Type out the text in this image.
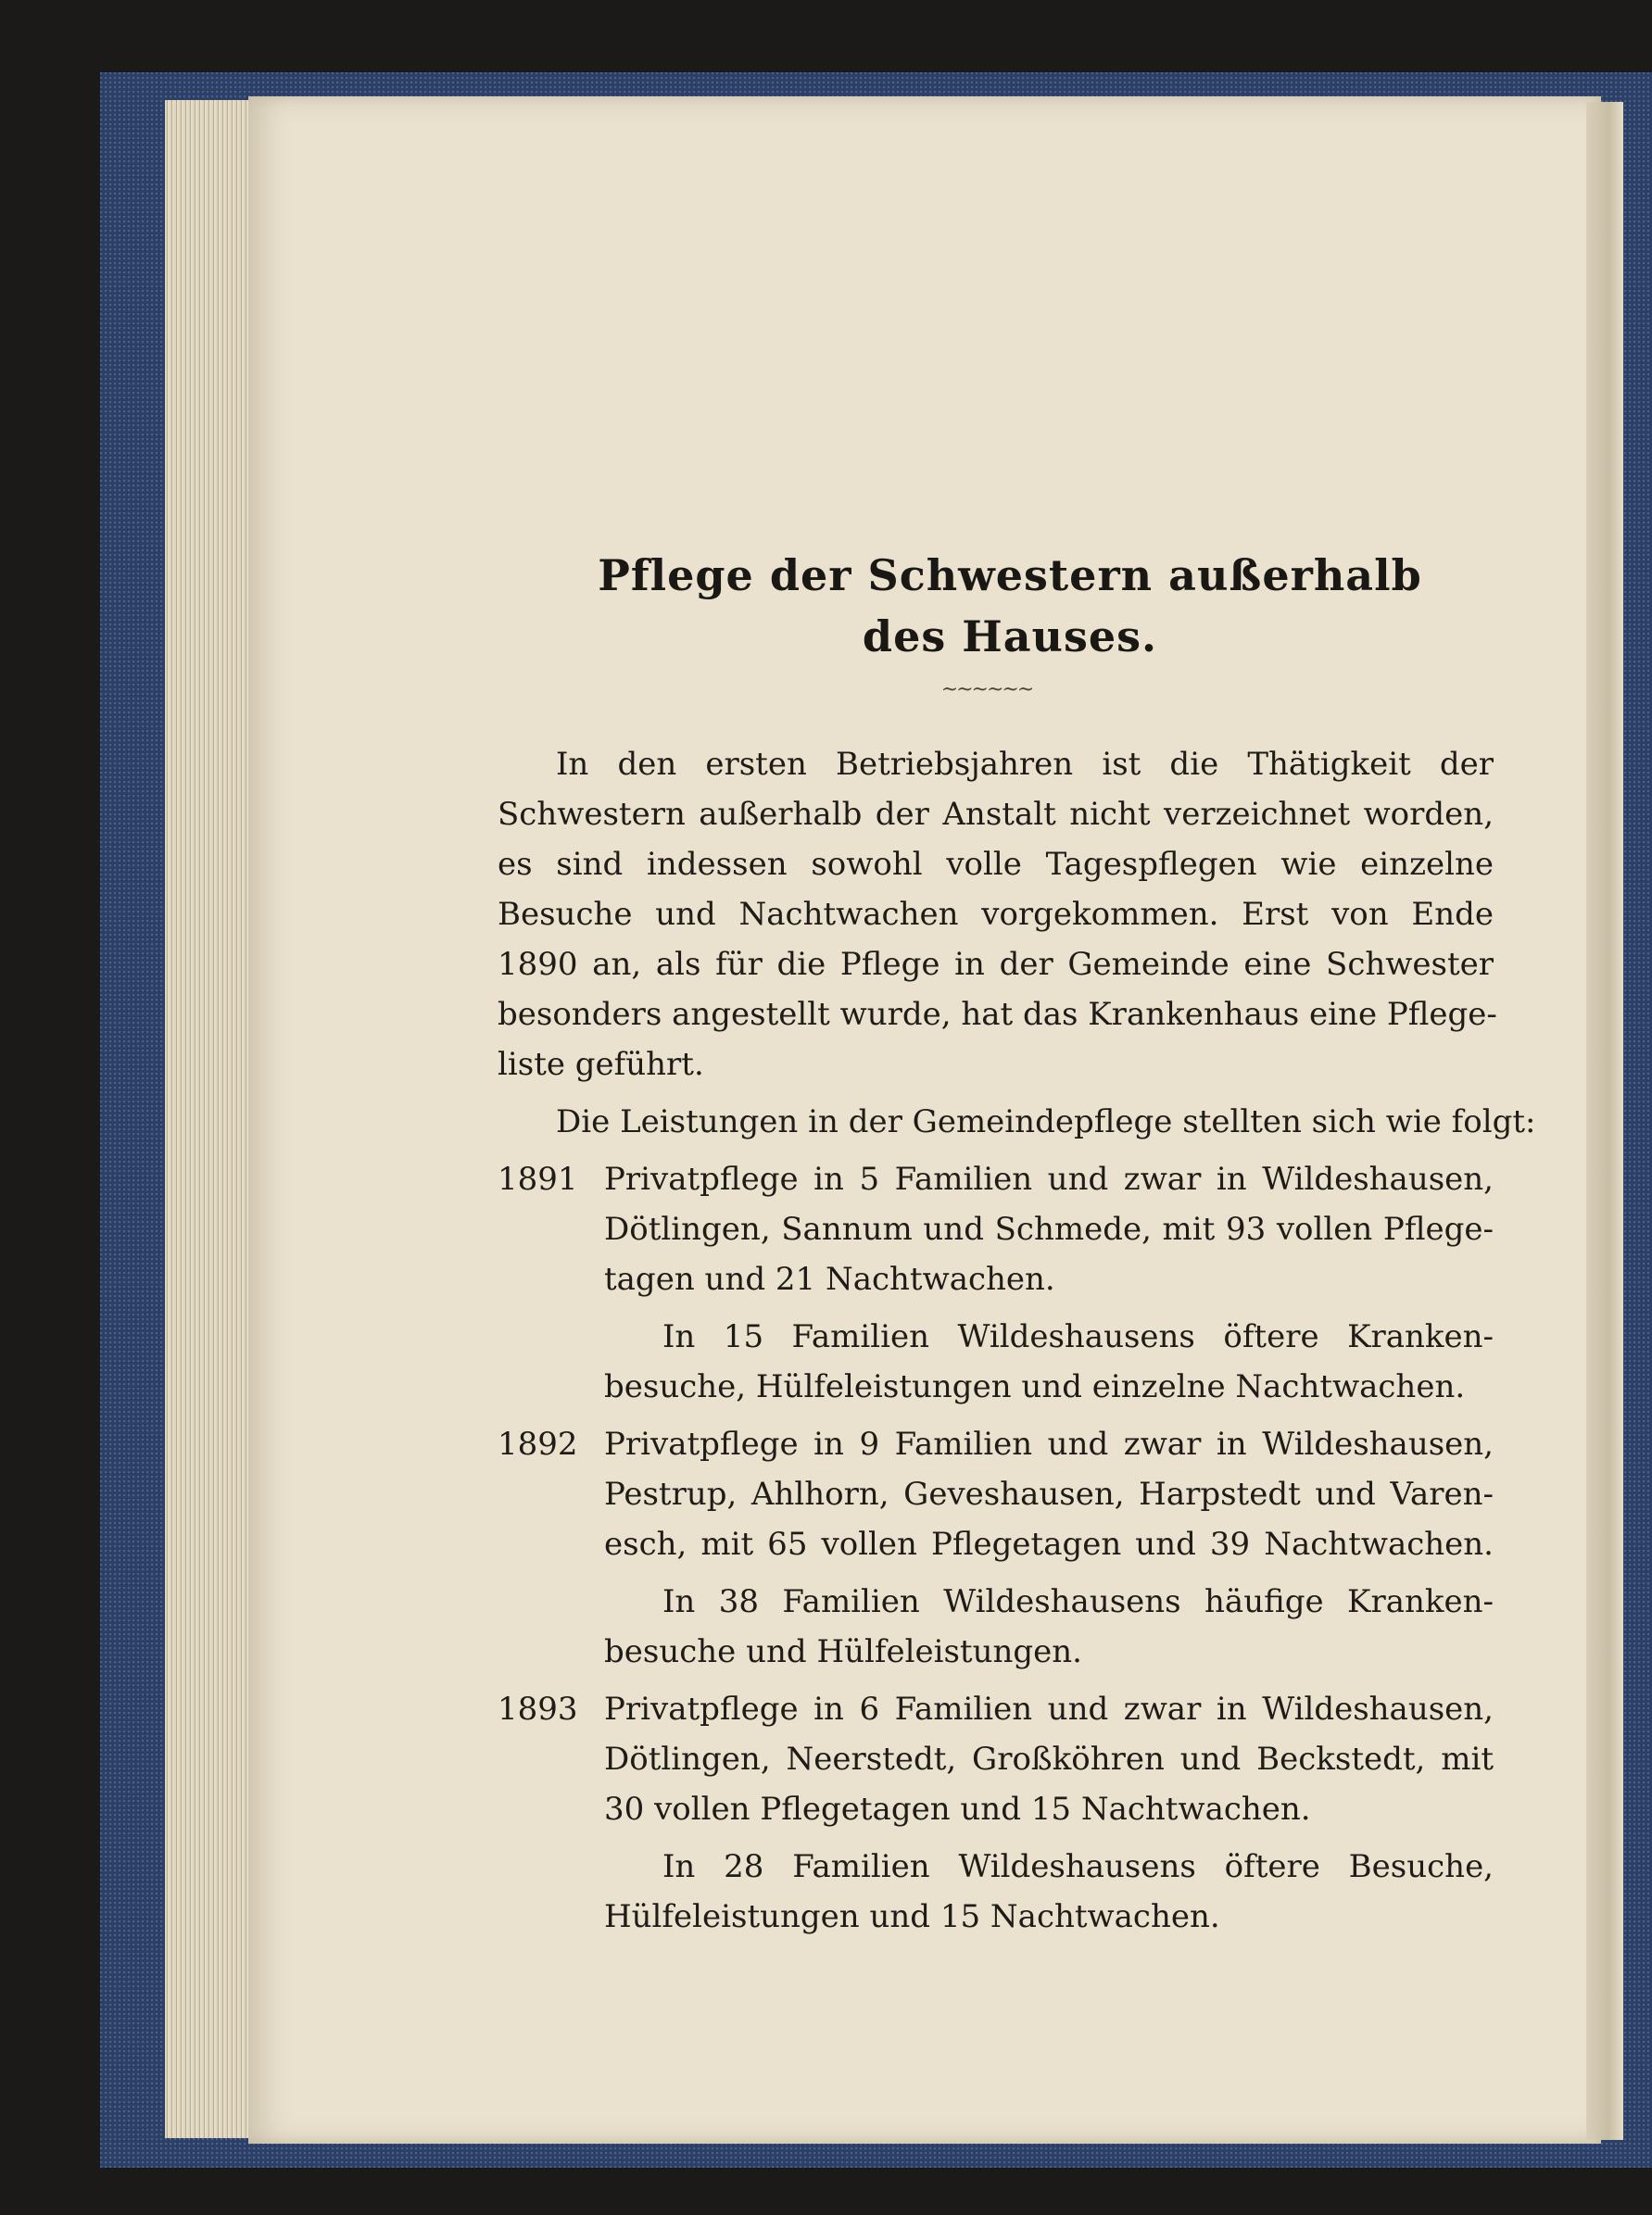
Pflege der Schwestern außerhalb
des Hauses.
~~~~~~
In den ersten Betriebsjahren ist die Thätigkeit der
Schwestern außerhalb der Anstalt nicht verzeichnet worden,
es sind indessen sowohl volle Tagespflegen wie einzelne
Besuche und Nachtwachen vorgekommen. Erst von Ende
1890 an, als für die Pflege in der Gemeinde eine Schwester
besonders angestellt wurde, hat das Krankenhaus eine Pflege-
liste geführt.
Die Leistungen in der Gemeindepflege stellten sich wie folgt:
1891 Privatpflege in 5 Familien und zwar in Wildeshausen,
Dötlingen, Sannum und Schmede, mit 93 vollen Pflege-
tagen und 21 Nachtwachen.
In 15 Familien Wildeshausens öftere Kranken-
besuche, Hülfeleistungen und einzelne Nachtwachen.
1892 Privatpflege in 9 Familien und zwar in Wildeshausen,
Pestrup, Ahlhorn, Geveshausen, Harpstedt und Varen-
esch, mit 65 vollen Pflegetagen und 39 Nachtwachen.
In 38 Familien Wildeshausens häufige Kranken-
besuche und Hülfeleistungen.
1893 Privatpflege in 6 Familien und zwar in Wildeshausen,
Dötlingen, Neerstedt, Großköhren und Beckstedt, mit
30 vollen Pflegetagen und 15 Nachtwachen.
In 28 Familien Wildeshausens öftere Besuche,
Hülfeleistungen und 15 Nachtwachen.
